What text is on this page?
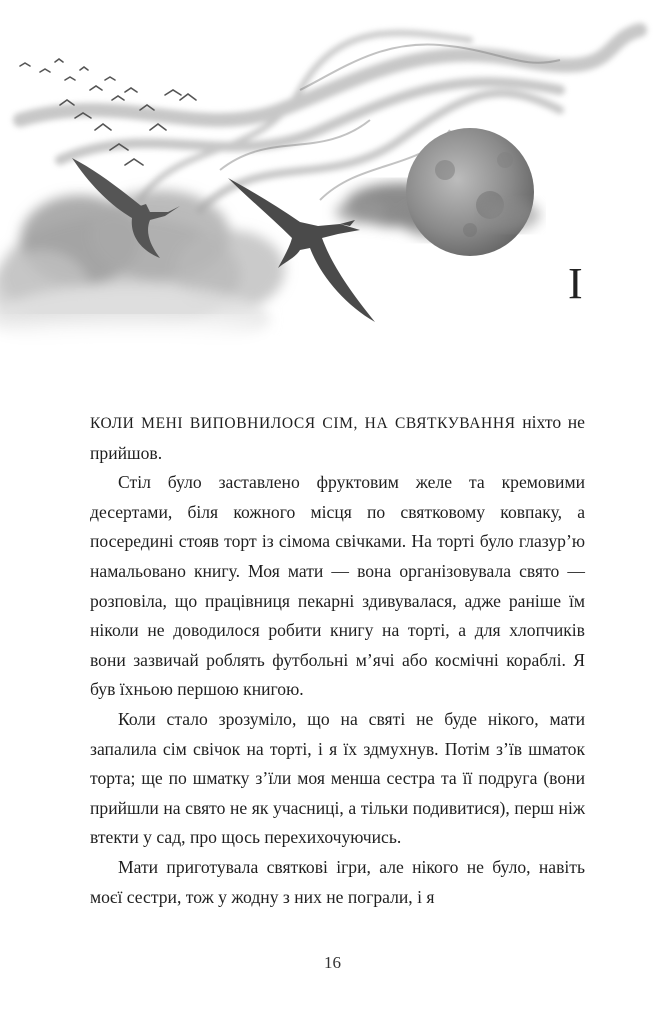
I

КОЛИ МЕНІ ВИПОВНИЛОСЯ СІМ, НА СВЯТКУВАННЯ ніхто не прийшов.

Стіл було заставлено фруктовим желе та кремовими десертами, біля кожного місця по святковому ковпаку, а посередині стояв торт із сімома свічками. На торті було глазур’ю намальовано книгу. Моя мати — вона організовувала свято — розповіла, що працівниця пекарні здивувалася, адже раніше їм ніколи не доводилося робити книгу на торті, а для хлопчиків вони зазвичай роблять футбольні м’ячі або космічні кораблі. Я був їхньою першою книгою.

Коли стало зрозуміло, що на святі не буде нікого, мати запалила сім свічок на торті, і я їх здмухнув. Потім з’їв шматок торта; ще по шматку з’їли моя менша сестра та її подруга (вони прийшли на свято не як учасниці, а тільки подивитися), перш ніж втекти у сад, про щось перехихочуючись.

Мати приготувала святкові ігри, але нікого не було, навіть моєї сестри, тож у жодну з них не пограли, і я

16
